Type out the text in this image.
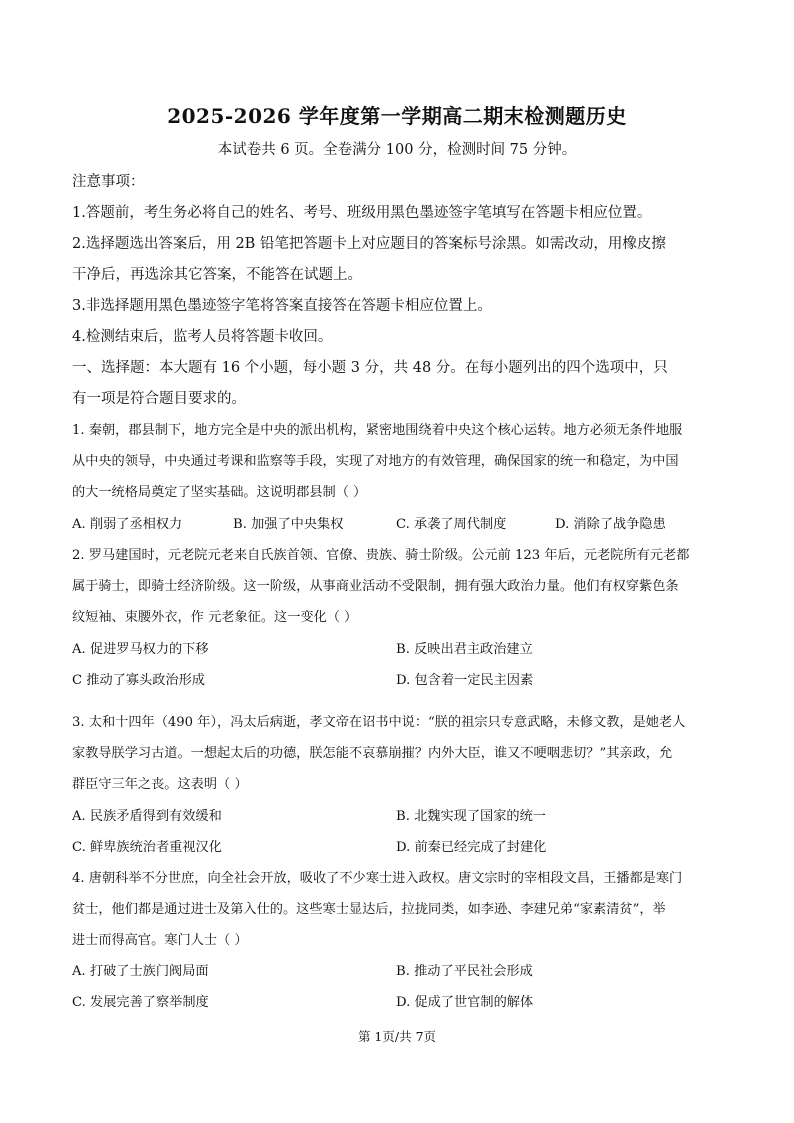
2025-2026 学年度第一学期高二期末检测题历史
本试卷共 6 页。全卷满分 100 分，检测时间 75 分钟。
注意事项：
1.答题前，考生务必将自己的姓名、考号、班级用黑色墨迹签字笔填写在答题卡相应位置。
2.选择题选出答案后，用 2B 铅笔把答题卡上对应题目的答案标号涂黑。如需改动，用橡皮擦
干净后，再选涂其它答案，不能答在试题上。
3.非选择题用黑色墨迹签字笔将答案直接答在答题卡相应位置上。
4.检测结束后，监考人员将答题卡收回。
一、选择题：本大题有 16 个小题，每小题 3 分，共 48 分。在每小题列出的四个选项中，只
有一项是符合题目要求的。
1. 秦朝，郡县制下，地方完全是中央的派出机构，紧密地围绕着中央这个核心运转。地方必须无条件地服
从中央的领导，中央通过考课和监察等手段，实现了对地方的有效管理，确保国家的统一和稳定，为中国
的大一统格局奠定了坚实基础。这说明郡县制（ ）
A. 削弱了丞相权力	B. 加强了中央集权	C. 承袭了周代制度	D. 消除了战争隐患
2. 罗马建国时，元老院元老来自氏族首领、官僚、贵族、骑士阶级。公元前 123 年后，元老院所有元老都
属于骑士，即骑士经济阶级。这一阶级，从事商业活动不受限制，拥有强大政治力量。他们有权穿紫色条
纹短袖、束腰外衣，作 元老象征。这一变化（ ）
A. 促进罗马权力的下移	B. 反映出君主政治建立
C 推动了寡头政治形成	D. 包含着一定民主因素
3. 太和十四年（490 年），冯太后病逝，孝文帝在诏书中说：“朕的祖宗只专意武略，未修文教，是她老人
家教导朕学习古道。一想起太后的功德，朕怎能不哀慕崩摧？内外大臣，谁又不哽咽悲切？”其亲政，允
群臣守三年之丧。这表明（ ）
A. 民族矛盾得到有效缓和	B. 北魏实现了国家的统一
C. 鲜卑族统治者重视汉化	D. 前秦已经完成了封建化
4. 唐朝科举不分世庶，向全社会开放，吸收了不少寒士进入政权。唐文宗时的宰相段文昌，王播都是寒门
贫士，他们都是通过进士及第入仕的。这些寒士显达后，拉拢同类，如李逊、李建兄弟“家素清贫”，举
进士而得高官。寒门人士（ ）
A. 打破了士族门阀局面	B. 推动了平民社会形成
C. 发展完善了察举制度	D. 促成了世官制的解体
第 1页/共 7页
